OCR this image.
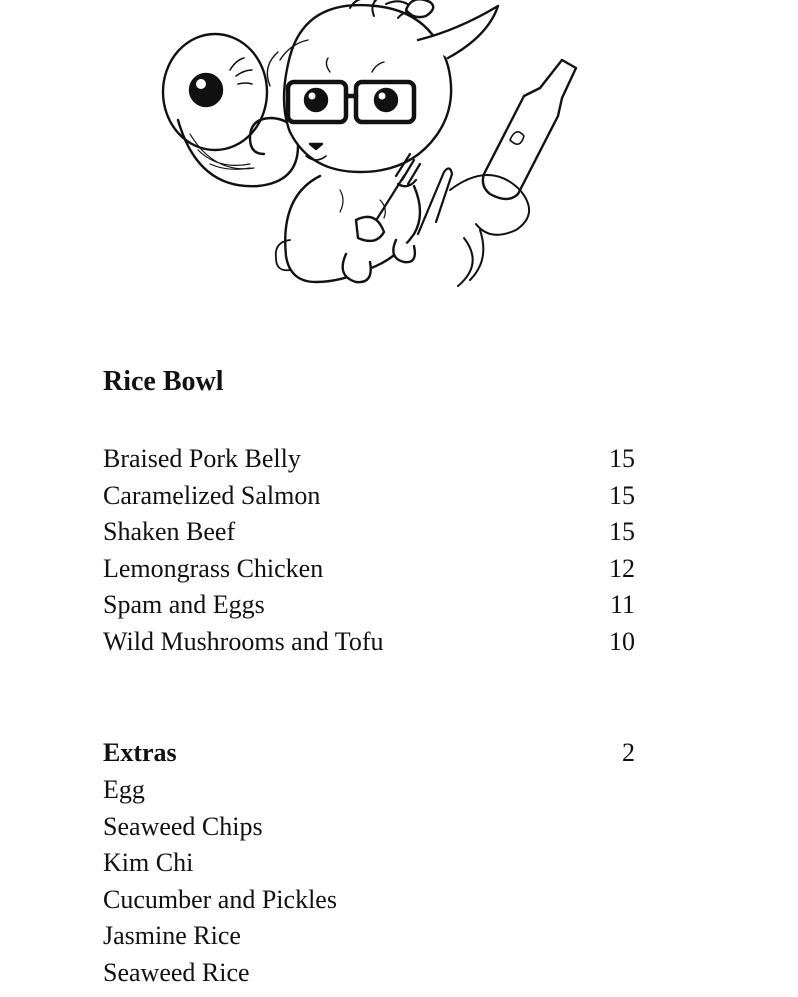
Rice Bowl
Braised Pork Belly	15
Caramelized Salmon	15
Shaken Beef	15
Lemongrass Chicken	12
Spam and Eggs	11
Wild Mushrooms and Tofu	10
Extras	2
Egg
Seaweed Chips
Kim Chi
Cucumber and Pickles
Jasmine Rice
Seaweed Rice
